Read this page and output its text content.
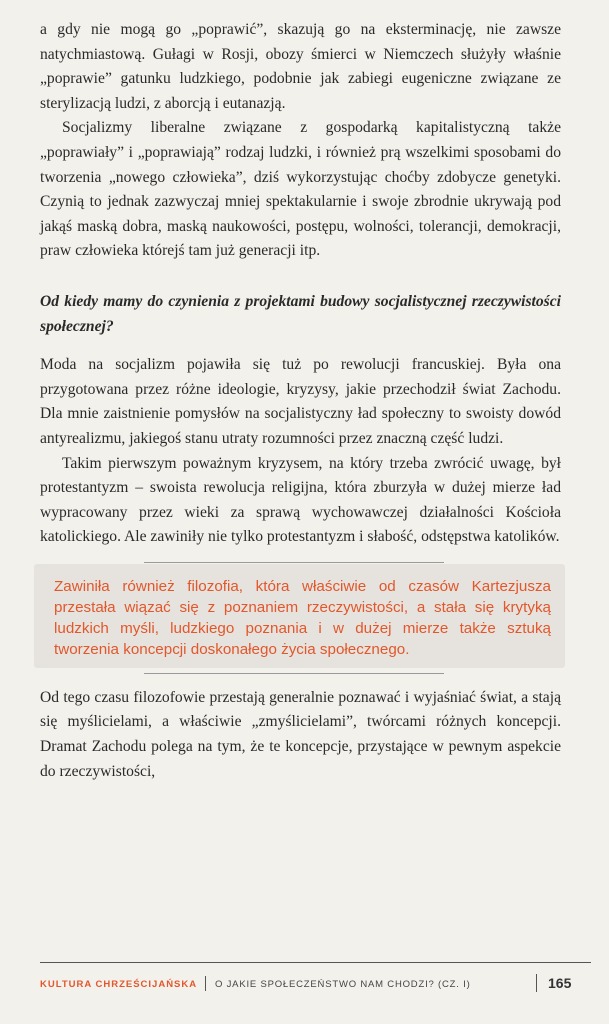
a gdy nie mogą go „poprawić”, skazują go na eksterminację, nie zawsze natychmiastową. Gułagi w Rosji, obozy śmierci w Niemczech służyły właśnie „poprawie” gatunku ludzkiego, podobnie jak zabiegi eugeniczne związane ze sterylizacją ludzi, z aborcją i eutanazją.

Socjalizmy liberalne związane z gospodarką kapitalistyczną także „poprawiały” i „poprawiają” rodzaj ludzki, i również prą wszelkimi sposobami do tworzenia „nowego człowieka”, dziś wykorzystując choćby zdobycze genetyki. Czynią to jednak zazwyczaj mniej spektakularnie i swoje zbrodnie ukrywają pod jakąś maską dobra, maską naukowości, postępu, wolności, tolerancji, demokracji, praw człowieka którejś tam już generacji itp.

Od kiedy mamy do czynienia z projektami budowy socjalistycznej rzeczywistości społecznej?

Moda na socjalizm pojawiła się tuż po rewolucji francuskiej. Była ona przygotowana przez różne ideologie, kryzysy, jakie przechodził świat Zachodu. Dla mnie zaistnienie pomysłów na socjalistyczny ład społeczny to swoisty dowód antyrealizmu, jakiegoś stanu utraty rozumności przez znaczną część ludzi.

Takim pierwszym poważnym kryzysem, na który trzeba zwrócić uwagę, był protestantyzm – swoista rewolucja religijna, która zburzyła w dużej mierze ład wypracowany przez wieki za sprawą wychowawczej działalności Kościoła katolickiego. Ale zawiniły nie tylko protestantyzm i słabość, odstępstwa katolików.

Zawiniła również filozofia, która właściwie od czasów Kartezjusza przestała wiązać się z poznaniem rzeczywistości, a stała się krytyką ludzkich myśli, ludzkiego poznania i w dużej mierze także sztuką tworzenia koncepcji doskonałego życia społecznego.

Od tego czasu filozofowie przestają generalnie poznawać i wyjaśniać świat, a stają się myślicielami, a właściwie „zmyślicielami”, twórcami różnych koncepcji. Dramat Zachodu polega na tym, że te koncepcje, przystające w pewnym aspekcie do rzeczywistości,

KULTURA CHRZEŚCIJAŃSKA O JAKIE SPOŁECZEŃSTWO NAM CHODZI? (CZ. I)	165
